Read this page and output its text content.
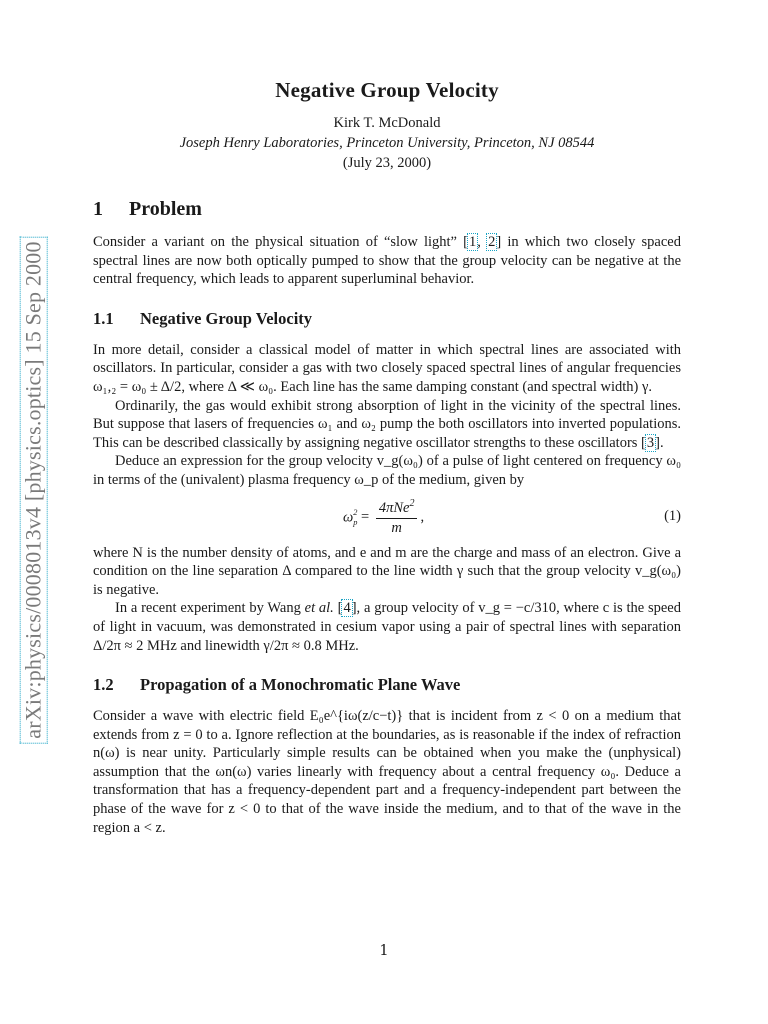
arXiv:physics/0008013v4 [physics.optics] 15 Sep 2000
Negative Group Velocity
Kirk T. McDonald
Joseph Henry Laboratories, Princeton University, Princeton, NJ 08544
(July 23, 2000)
1 Problem

Consider a variant on the physical situation of “slow light” [1, 2] in which two closely spaced spectral lines are now both optically pumped to show that the group velocity can be negative at the central frequency, which leads to apparent superluminal behavior.

1.1 Negative Group Velocity

In more detail, consider a classical model of matter in which spectral lines are associated with oscillators. In particular, consider a gas with two closely spaced spectral lines of angular frequencies ω₁,₂ = ω₀ ± Δ/2, where Δ ≪ ω₀. Each line has the same damping constant (and spectral width) γ.

Ordinarily, the gas would exhibit strong absorption of light in the vicinity of the spectral lines. But suppose that lasers of frequencies ω₁ and ω₂ pump the both oscillators into inverted populations. This can be described classically by assigning negative oscillator strengths to these oscillators [3].

Deduce an expression for the group velocity v_g(ω₀) of a pulse of light centered on frequency ω₀ in terms of the (univalent) plasma frequency ω_p of the medium, given by

ω 2
$p = \frac{4\pi Ne^2}{m}$ ,	(1)

where N is the number density of atoms, and e and m are the charge and mass of an electron. Give a condition on the line separation Δ compared to the line width γ such that the group velocity v_g(ω₀) is negative.

In a recent experiment by Wang et al. [4], a group velocity of v_g = −c/310, where c is the speed of light in vacuum, was demonstrated in cesium vapor using a pair of spectral lines with separation Δ/2π ≈ 2 MHz and linewidth γ/2π ≈ 0.8 MHz.

1.2 Propagation of a Monochromatic Plane Wave

Consider a wave with electric field E₀e^{iω(z/c−t)} that is incident from z < 0 on a medium that extends from z = 0 to a. Ignore reflection at the boundaries, as is reasonable if the index of refraction n(ω) is near unity. Particularly simple results can be obtained when you make the (unphysical) assumption that the ωn(ω) varies linearly with frequency about a central frequency ω₀. Deduce a transformation that has a frequency-dependent part and a frequency-independent part between the phase of the wave for z < 0 to that of the wave inside the medium, and to that of the wave in the region a < z.

1
